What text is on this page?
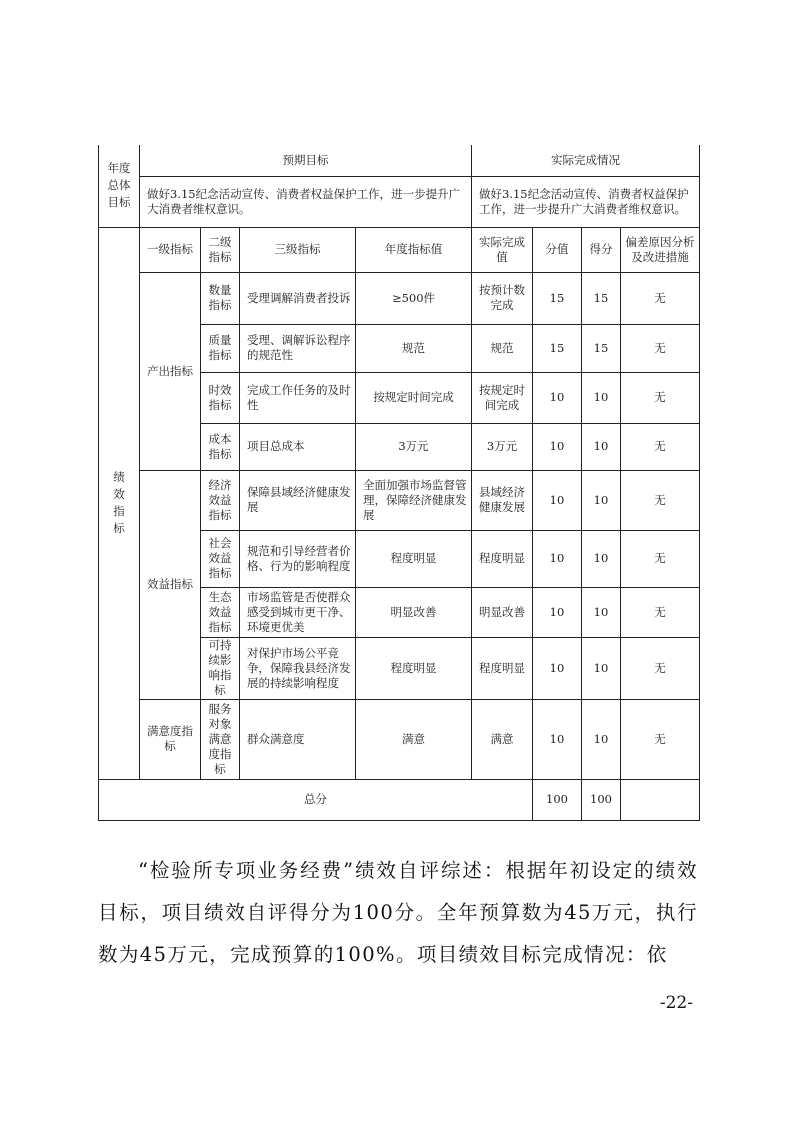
年度总体目标	预期目标				实际完成情况			
	做好3.15纪念活动宣传、消费者权益保护工作，进一步提升广大消费者维权意识。				做好3.15纪念活动宣传、消费者权益保护工作，进一步提升广大消费者维权意识。			
绩效指标	一级指标	二级指标	三级指标	年度指标值	实际完成值	分值	得分	偏差原因分析及改进措施
	产出指标	数量指标	受理调解消费者投诉	≥500件	按预计数完成	15	15	无
		质量指标	受理、调解诉讼程序的规范性	规范	规范	15	15	无
		时效指标	完成工作任务的及时性	按规定时间完成	按规定时间完成	10	10	无
		成本指标	项目总成本	3万元	3万元	10	10	无
	效益指标	经济效益指标	保障县域经济健康发展	全面加强市场监督管理，保障经济健康发展	县域经济健康发展	10	10	无
		社会效益指标	规范和引导经营者价格、行为的影响程度	程度明显	程度明显	10	10	无
		生态效益指标	市场监管是否使群众感受到城市更干净、环境更优美	明显改善	明显改善	10	10	无
		可持续影响指标	对保护市场公平竞争，保障我县经济发展的持续影响程度	程度明显	程度明显	10	10	无
	满意度指标	服务对象满意度指标	群众满意度	满意	满意	10	10	无
总分						100	100	

“检验所专项业务经费”绩效自评综述：根据年初设定的绩效目标，项目绩效自评得分为100分。全年预算数为45万元，执行数为45万元，完成预算的100%。项目绩效目标完成情况：依

-22-
